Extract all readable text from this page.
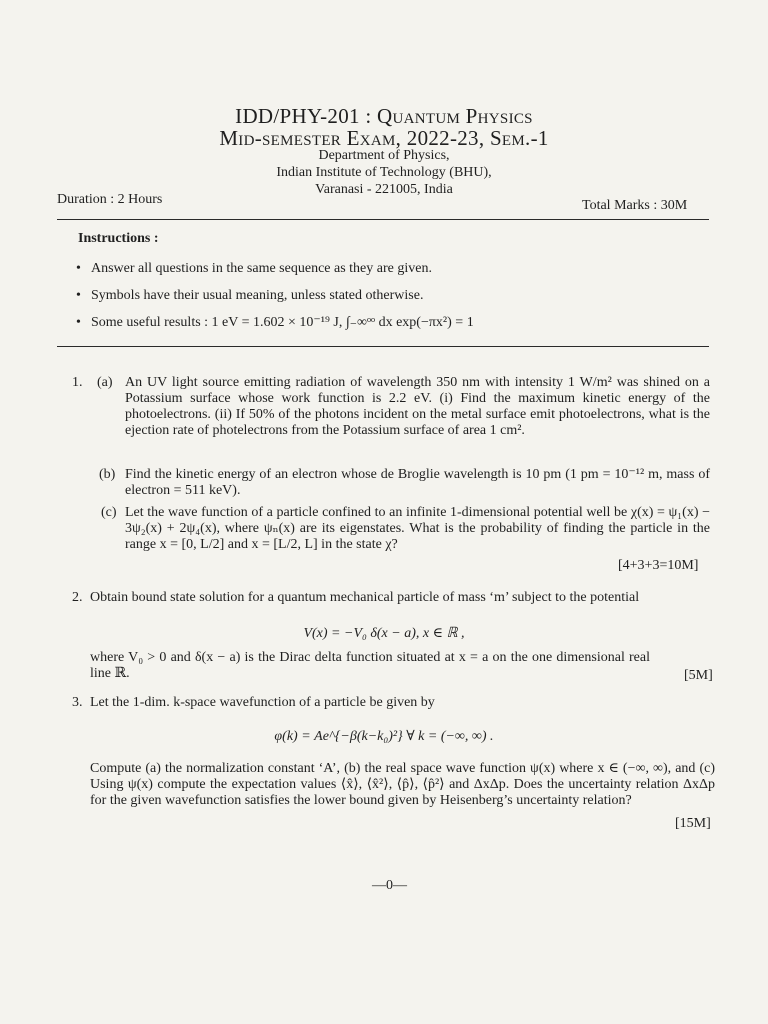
IDD/PHY-201 : Quantum Physics
Mid-semester Exam, 2022-23, Sem.-1
Department of Physics,
Indian Institute of Technology (BHU),
Varanasi - 221005, India
Duration : 2 Hours	Total Marks : 30M
Instructions :
• Answer all questions in the same sequence as they are given.
• Symbols have their usual meaning, unless stated otherwise.
• Some useful results : 1 eV = 1.602 × 10⁻¹⁹ J, ∫₋∞ᵒᵒ dx exp(−πx²) = 1
1. (a) An UV light source emitting radiation of wavelength 350 nm with intensity 1 W/m² was shined on a Potassium surface whose work function is 2.2 eV. (i) Find the maximum kinetic energy of the photoelectrons. (ii) If 50% of the photons incident on the metal surface emit photoelectrons, what is the ejection rate of photelectrons from the Potassium surface of area 1 cm².
(b) Find the kinetic energy of an electron whose de Broglie wavelength is 10 pm (1 pm = 10⁻¹² m, mass of electron = 511 keV).
(c) Let the wave function of a particle confined to an infinite 1-dimensional potential well be χ(x) = ψ₁(x) − 3ψ₂(x) + 2ψ₄(x), where ψₙ(x) are its eigenstates. What is the probability of finding the particle in the range x = [0, L/2] and x = [L/2, L] in the state χ?
[4+3+3=10M]
2. Obtain bound state solution for a quantum mechanical particle of mass ‘m’ subject to the potential
V(x) = −V₀ δ(x − a), x ∈ ℝ ,
where V₀ > 0 and δ(x − a) is the Dirac delta function situated at x = a on the one dimensional real line ℝ.	[5M]
3. Let the 1-dim. k-space wavefunction of a particle be given by
φ(k) = Ae^{−β(k−k₀)²} ∀ k = (−∞, ∞) .
Compute (a) the normalization constant ‘A’, (b) the real space wave function ψ(x) where x ∈ (−∞, ∞), and (c) Using ψ(x) compute the expectation values ⟨x̂⟩, ⟨x̂²⟩, ⟨p̂⟩, ⟨p̂²⟩ and ΔxΔp. Does the uncertainty relation ΔxΔp for the given wavefunction satisfies the lower bound given by Heisenberg’s uncertainty relation?
[15M]
—0—
